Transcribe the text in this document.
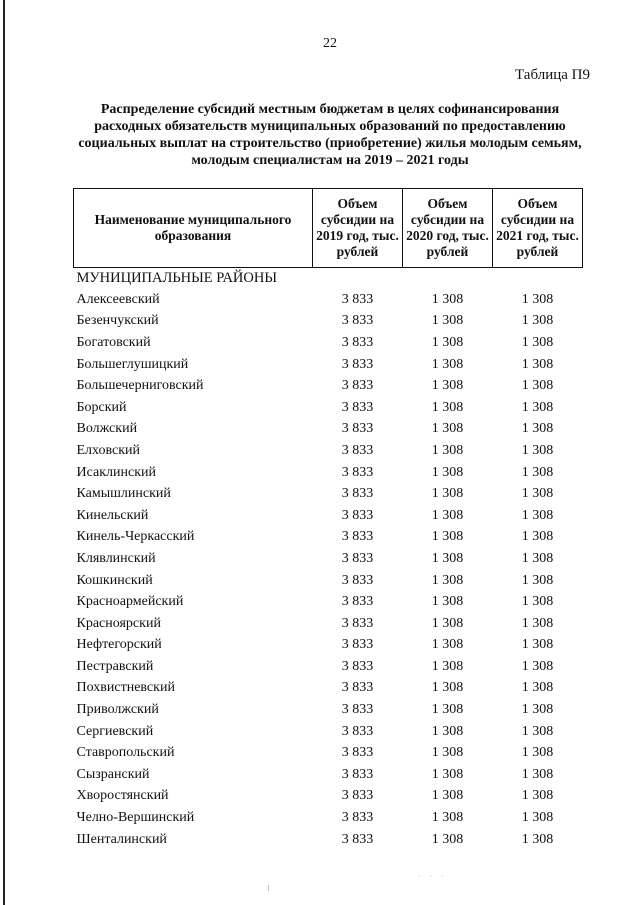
22
Таблица П9
Распределение субсидий местным бюджетам в целях софинансирования расходных обязательств муниципальных образований по предоставлению социальных выплат на строительство (приобретение) жилья молодым семьям, молодым специалистам на 2019 – 2021 годы
Наименование муниципального образования	Объем субсидии на 2019 год, тыс. рублей	Объем субсидии на 2020 год, тыс. рублей	Объем субсидии на 2021 год, тыс. рублей
МУНИЦИПАЛЬНЫЕ РАЙОНЫ			
Алексеевский	3 833	1 308	1 308
Безенчукский	3 833	1 308	1 308
Богатовский	3 833	1 308	1 308
Большеглушицкий	3 833	1 308	1 308
Большечерниговский	3 833	1 308	1 308
Борский	3 833	1 308	1 308
Волжский	3 833	1 308	1 308
Елховский	3 833	1 308	1 308
Исаклинский	3 833	1 308	1 308
Камышлинский	3 833	1 308	1 308
Кинельский	3 833	1 308	1 308
Кинель-Черкасский	3 833	1 308	1 308
Клявлинский	3 833	1 308	1 308
Кошкинский	3 833	1 308	1 308
Красноармейский	3 833	1 308	1 308
Красноярский	3 833	1 308	1 308
Нефтегорский	3 833	1 308	1 308
Пестравский	3 833	1 308	1 308
Похвистневский	3 833	1 308	1 308
Приволжский	3 833	1 308	1 308
Сергиевский	3 833	1 308	1 308
Ставропольский	3 833	1 308	1 308
Сызранский	3 833	1 308	1 308
Хворостянский	3 833	1 308	1 308
Челно-Вершинский	3 833	1 308	1 308
Шенталинский	3 833	1 308	1 308
˙ ˙ ˙
